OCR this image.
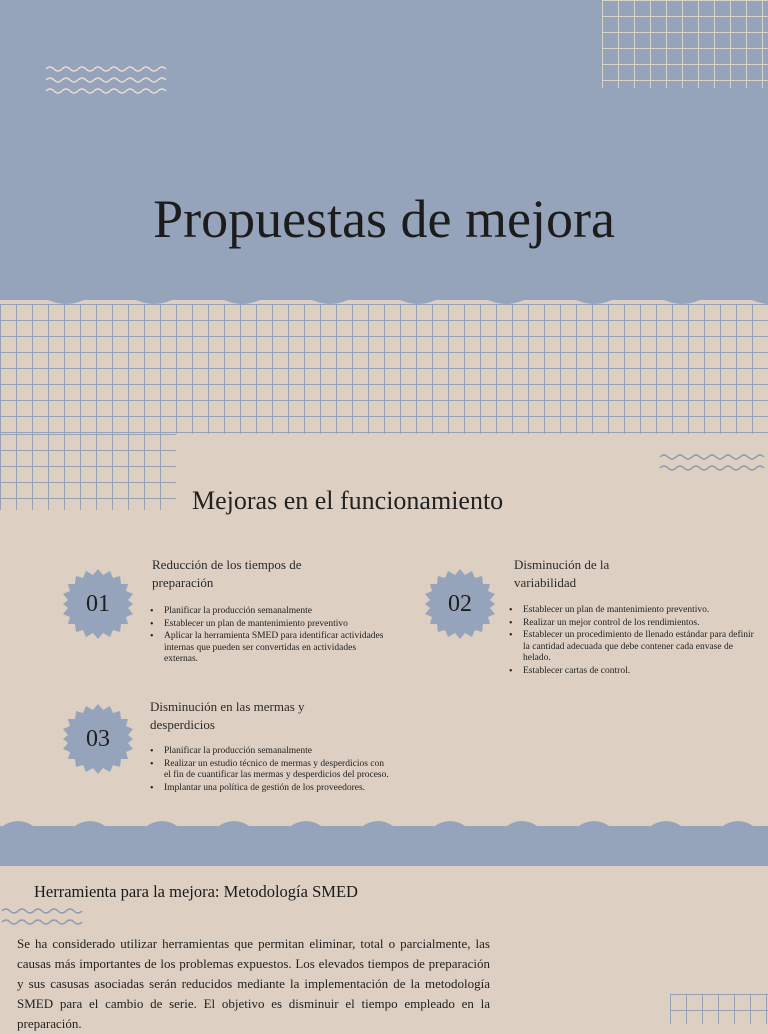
Propuestas de mejora
Mejoras en el funcionamiento
01
Reducción de los tiempos de preparación
• Planificar la producción semanalmente
• Establecer un plan de mantenimiento preventivo
• Aplicar la herramienta SMED para identificar actividades internas que pueden ser convertidas en actividades externas.
02
Disminución de la variabilidad
• Establecer un plan de mantenimiento preventivo.
• Realizar un mejor control de los rendimientos.
• Establecer un procedimiento de llenado estándar para definir la cantidad adecuada que debe contener cada envase de helado.
• Establecer cartas de control.
03
Disminución en las mermas y desperdicios
• Planificar la producción semanalmente
• Realizar un estudio técnico de mermas y desperdicios con el fin de cuantificar las mermas y desperdicios del proceso.
• Implantar una política de gestión de los proveedores.
Herramienta para la mejora: Metodología SMED
Se ha considerado utilizar herramientas que permitan eliminar, total o parcialmente, las causas más importantes de los problemas expuestos. Los elevados tiempos de preparación y sus casusas asociadas serán reducidos mediante la implementación de la metodología SMED para el cambio de serie. El objetivo es disminuir el tiempo empleado en la preparación.
